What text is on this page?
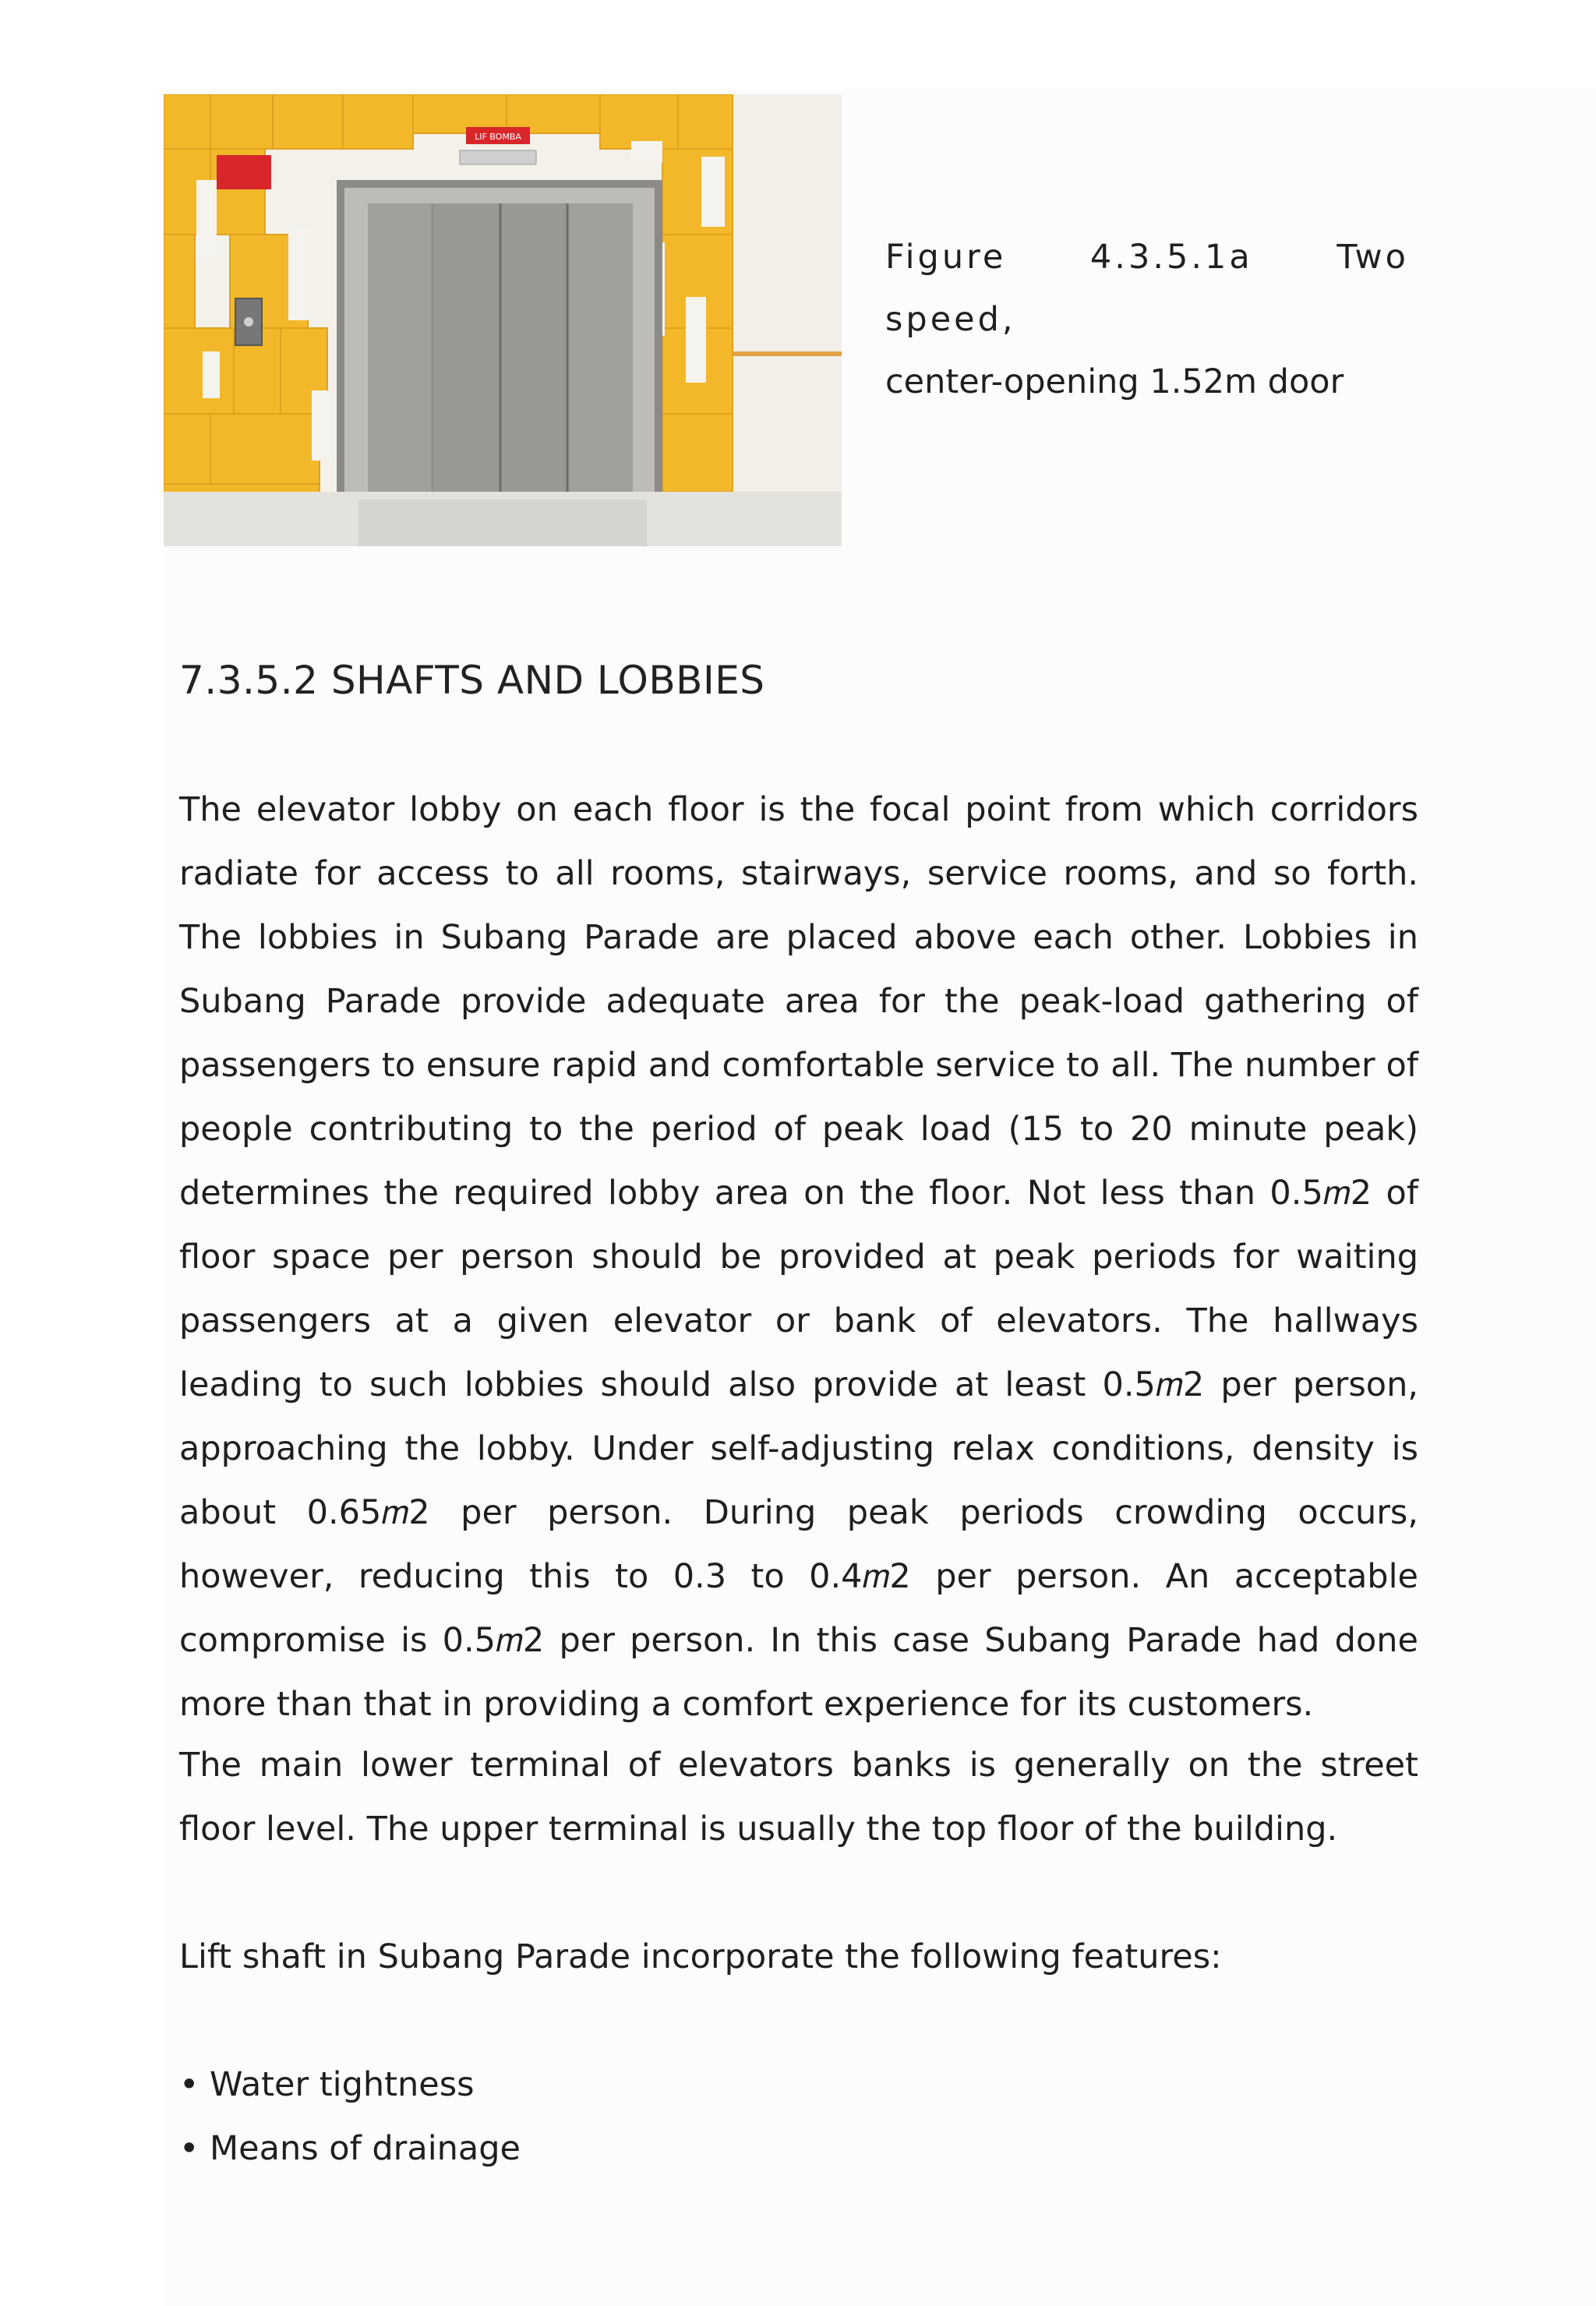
LIF BOMBA
Figure 4.3.5.1a Two speed,
center-opening 1.52m door
7.3.5.2 SHAFTS AND LOBBIES

The elevator lobby on each floor is the focal point from which corridors radiate for access to all rooms, stairways, service rooms, and so forth. The lobbies in Subang Parade are placed above each other. Lobbies in Subang Parade provide adequate area for the peak-load gathering of passengers to ensure rapid and comfortable service to all. The number of people contributing to the period of peak load (15 to 20 minute peak) determines the required lobby area on the floor. Not less than 0.5𝑚2 of floor space per person should be provided at peak periods for waiting passengers at a given elevator or bank of elevators. The hallways leading to such lobbies should also provide at least 0.5𝑚2 per person, approaching the lobby. Under self-adjusting relax conditions, density is about 0.65𝑚2 per person. During peak periods crowding occurs, however, reducing this to 0.3 to 0.4𝑚2 per person. An acceptable compromise is 0.5𝑚2 per person. In this case Subang Parade had done more than that in providing a comfort experience for its customers.

The main lower terminal of elevators banks is generally on the street floor level. The upper terminal is usually the top floor of the building.

Lift shaft in Subang Parade incorporate the following features:

• Water tightness
• Means of drainage
